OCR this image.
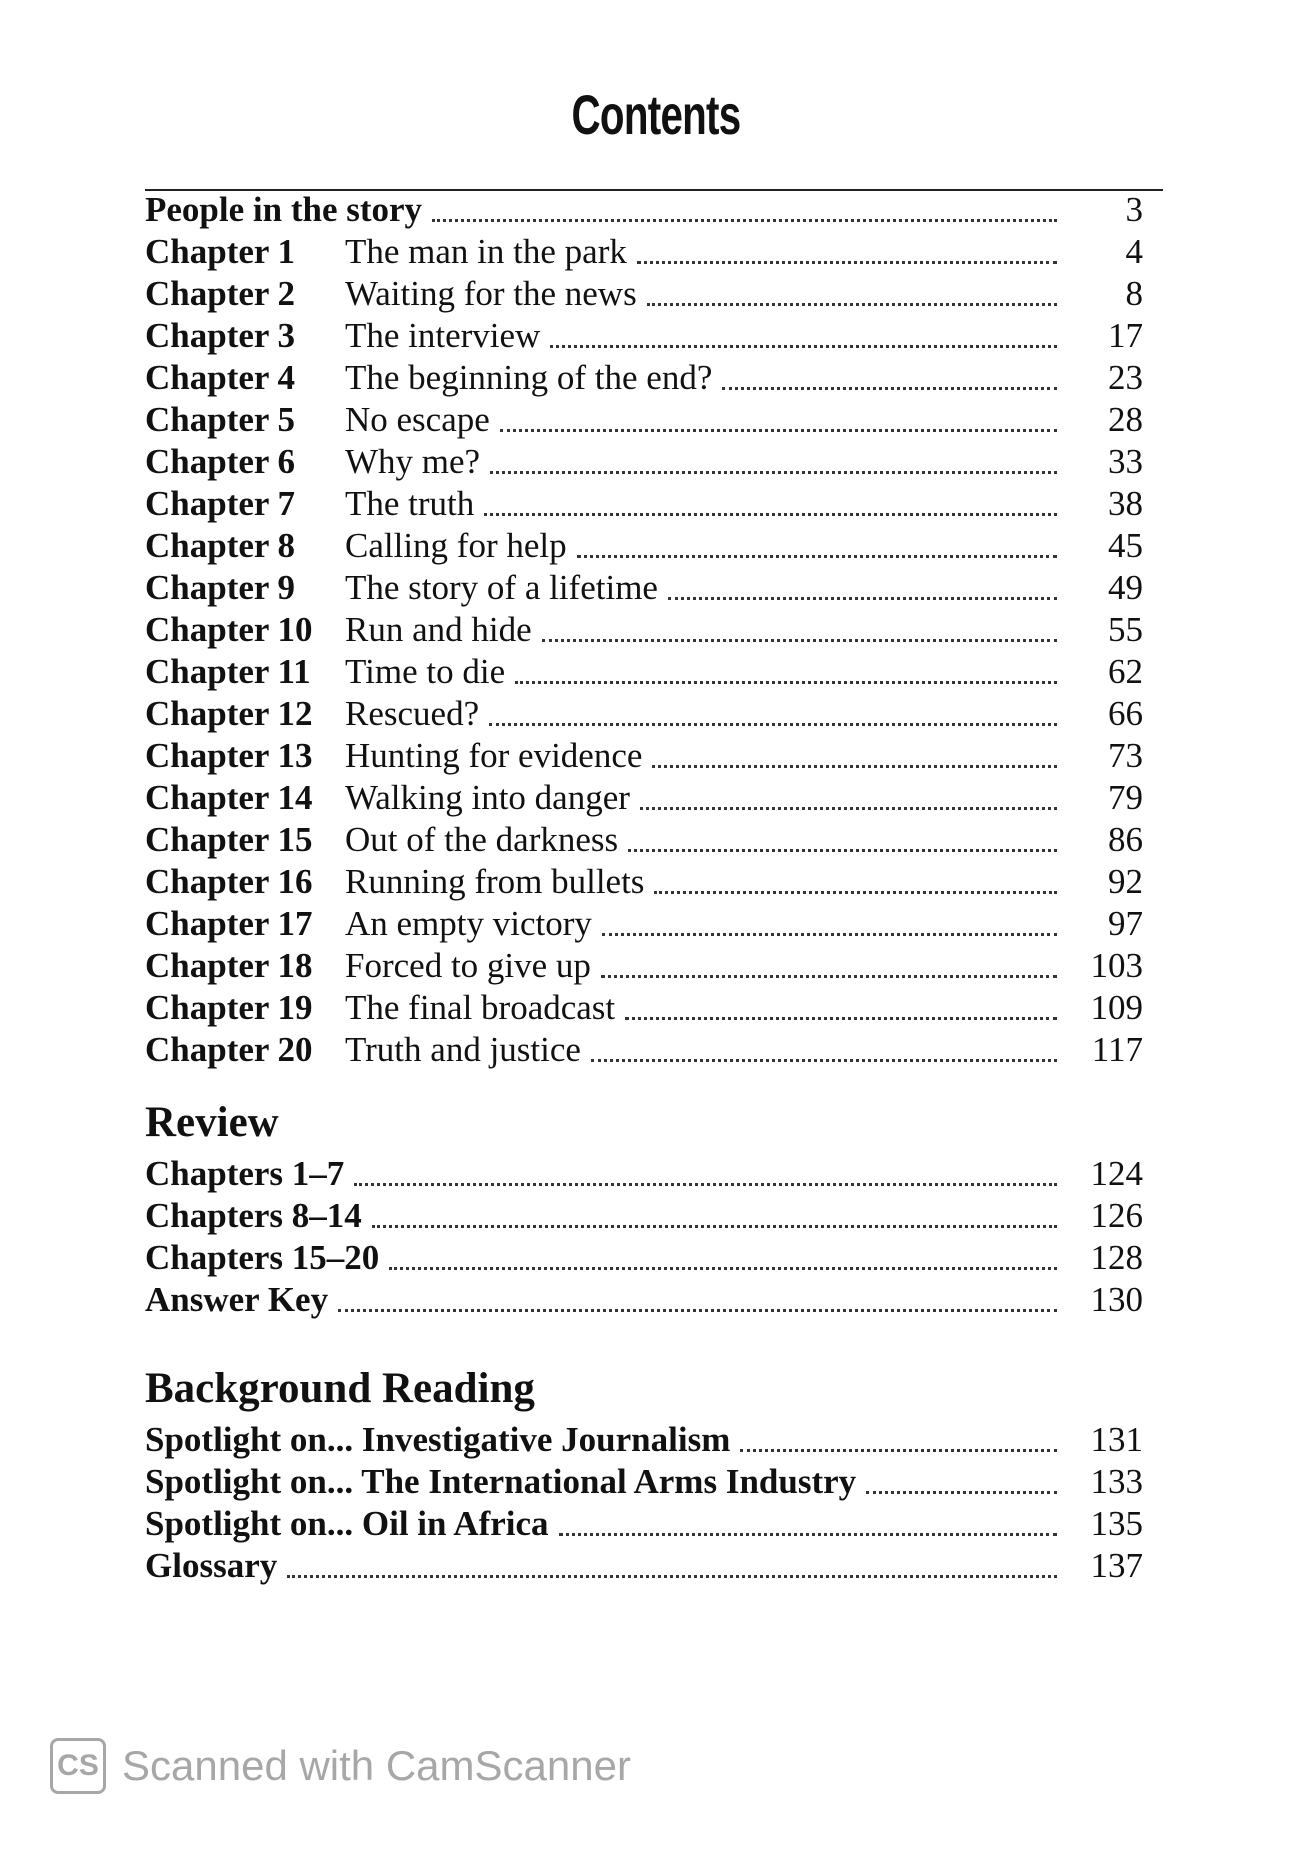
Contents
People in the story	3
Chapter 1	The man in the park	4
Chapter 2	Waiting for the news	8
Chapter 3	The interview	17
Chapter 4	The beginning of the end?	23
Chapter 5	No escape	28
Chapter 6	Why me?	33
Chapter 7	The truth	38
Chapter 8	Calling for help	45
Chapter 9	The story of a lifetime	49
Chapter 10 Run and hide	55
Chapter 11 Time to die	62
Chapter 12 Rescued?	66
Chapter 13 Hunting for evidence	73
Chapter 14 Walking into danger	79
Chapter 15 Out of the darkness	86
Chapter 16 Running from bullets	92
Chapter 17 An empty victory	97
Chapter 18 Forced to give up	103
Chapter 19 The final broadcast	109
Chapter 20 Truth and justice	117
Review
Chapters 1–7	124
Chapters 8–14	126
Chapters 15–20	128
Answer Key	130
Background Reading
Spotlight on... Investigative Journalism	131
Spotlight on... The International Arms Industry	133
Spotlight on... Oil in Africa	135
Glossary	137
CS Scanned with CamScanner
